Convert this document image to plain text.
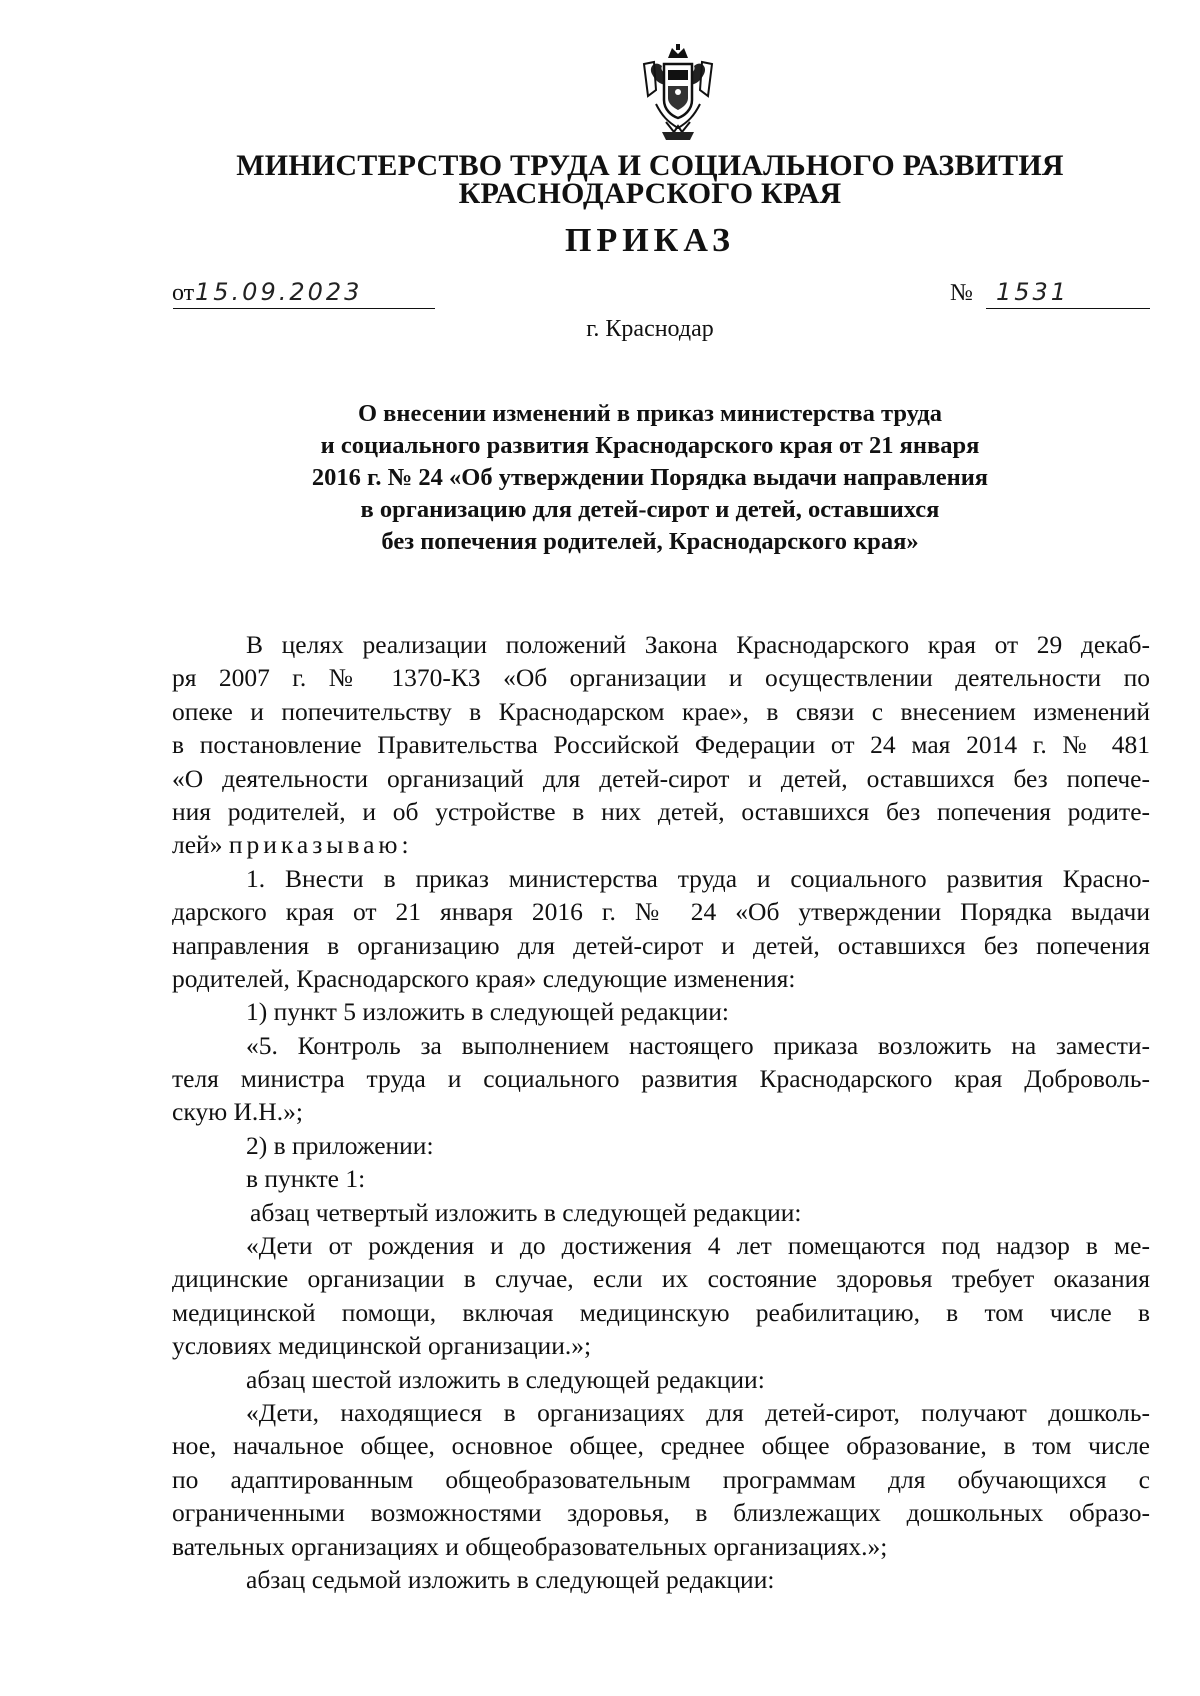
МИНИСТЕРСТВО ТРУДА И СОЦИАЛЬНОГО РАЗВИТИЯ
КРАСНОДАРСКОГО КРАЯ
ПРИКАЗ
от 15.09.2023	№ 1531
г. Краснодар
О внесении изменений в приказ министерства труда
и социального развития Краснодарского края от 21 января
2016 г. № 24 «Об утверждении Порядка выдачи направления
в организацию для детей-сирот и детей, оставшихся
без попечения родителей, Краснодарского края»
В целях реализации положений Закона Краснодарского края от 29 декаб-
ря 2007 г. № 1370-КЗ «Об организации и осуществлении деятельности по
опеке и попечительству в Краснодарском крае», в связи с внесением изменений
в постановление Правительства Российской Федерации от 24 мая 2014 г. № 481
«О деятельности организаций для детей-сирот и детей, оставшихся без попече-
ния родителей, и об устройстве в них детей, оставшихся без попечения родите-
лей» приказываю:
1. Внести в приказ министерства труда и социального развития Красно-
дарского края от 21 января 2016 г. № 24 «Об утверждении Порядка выдачи
направления в организацию для детей-сирот и детей, оставшихся без попечения
родителей, Краснодарского края» следующие изменения:
1) пункт 5 изложить в следующей редакции:
«5. Контроль за выполнением настоящего приказа возложить на замести-
теля министра труда и социального развития Краснодарского края Доброволь-
скую И.Н.»;
2) в приложении:
в пункте 1:
абзац четвертый изложить в следующей редакции:
«Дети от рождения и до достижения 4 лет помещаются под надзор в ме-
дицинские организации в случае, если их состояние здоровья требует оказания
медицинской помощи, включая медицинскую реабилитацию, в том числе в
условиях медицинской организации.»;
абзац шестой изложить в следующей редакции:
«Дети, находящиеся в организациях для детей-сирот, получают дошколь-
ное, начальное общее, основное общее, среднее общее образование, в том числе
по адаптированным общеобразовательным программам для обучающихся с
ограниченными возможностями здоровья, в близлежащих дошкольных образо-
вательных организациях и общеобразовательных организациях.»;
абзац седьмой изложить в следующей редакции:
